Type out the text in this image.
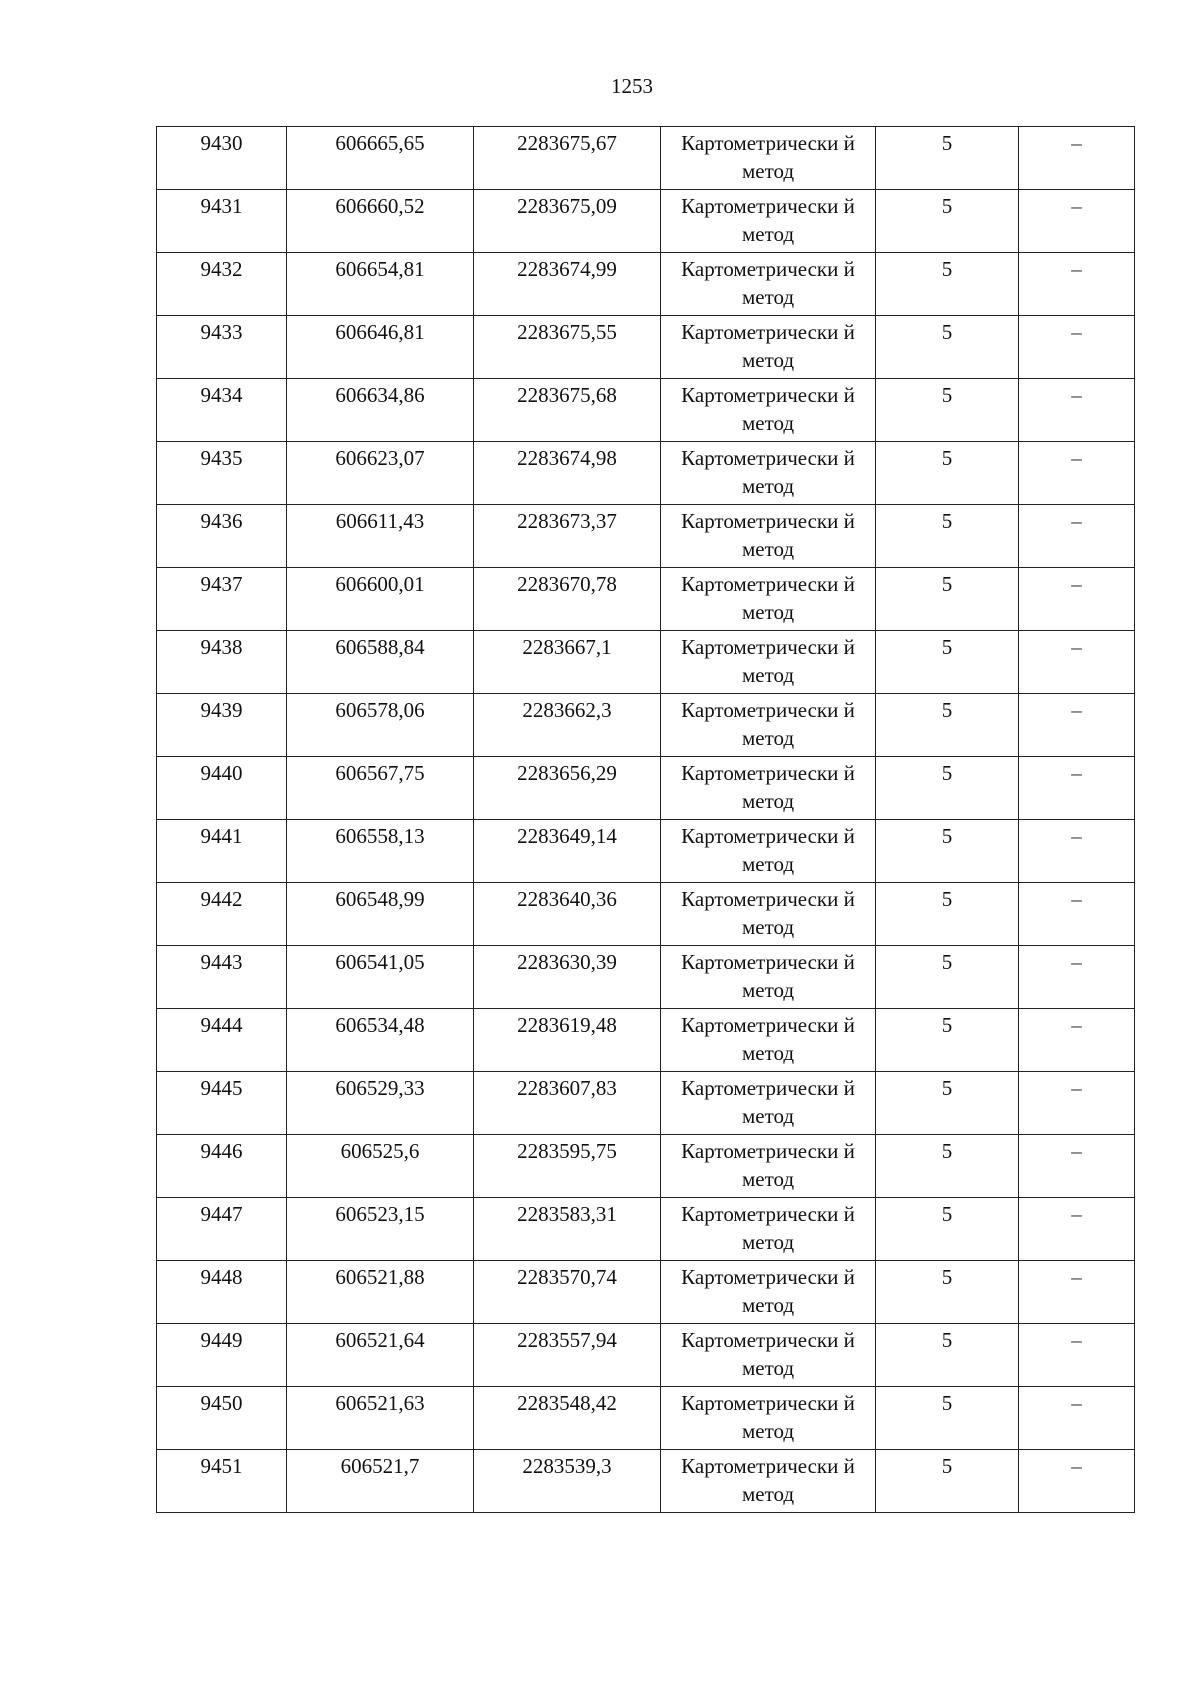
1253
9430	606665,65	2283675,67	Картометрически й метод	5	–

9431	606660,52	2283675,09	Картометрически й метод	5	–

9432	606654,81	2283674,99	Картометрически й метод	5	–

9433	606646,81	2283675,55	Картометрически й метод	5	–

9434	606634,86	2283675,68	Картометрически й метод	5	–

9435	606623,07	2283674,98	Картометрически й метод	5	–

9436	606611,43	2283673,37	Картометрически й метод	5	–

9437	606600,01	2283670,78	Картометрически й метод	5	–

9438	606588,84	2283667,1	Картометрически й метод	5	–

9439	606578,06	2283662,3	Картометрически й метод	5	–

9440	606567,75	2283656,29	Картометрически й метод	5	–

9441	606558,13	2283649,14	Картометрически й метод	5	–

9442	606548,99	2283640,36	Картометрически й метод	5	–

9443	606541,05	2283630,39	Картометрически й метод	5	–

9444	606534,48	2283619,48	Картометрически й метод	5	–

9445	606529,33	2283607,83	Картометрически й метод	5	–

9446	606525,6	2283595,75	Картометрически й метод	5	–

9447	606523,15	2283583,31	Картометрически й метод	5	–

9448	606521,88	2283570,74	Картометрически й метод	5	–

9449	606521,64	2283557,94	Картометрически й метод	5	–

9450	606521,63	2283548,42	Картометрически й метод	5	–

9451	606521,7	2283539,3	Картометрически й метод	5	–
